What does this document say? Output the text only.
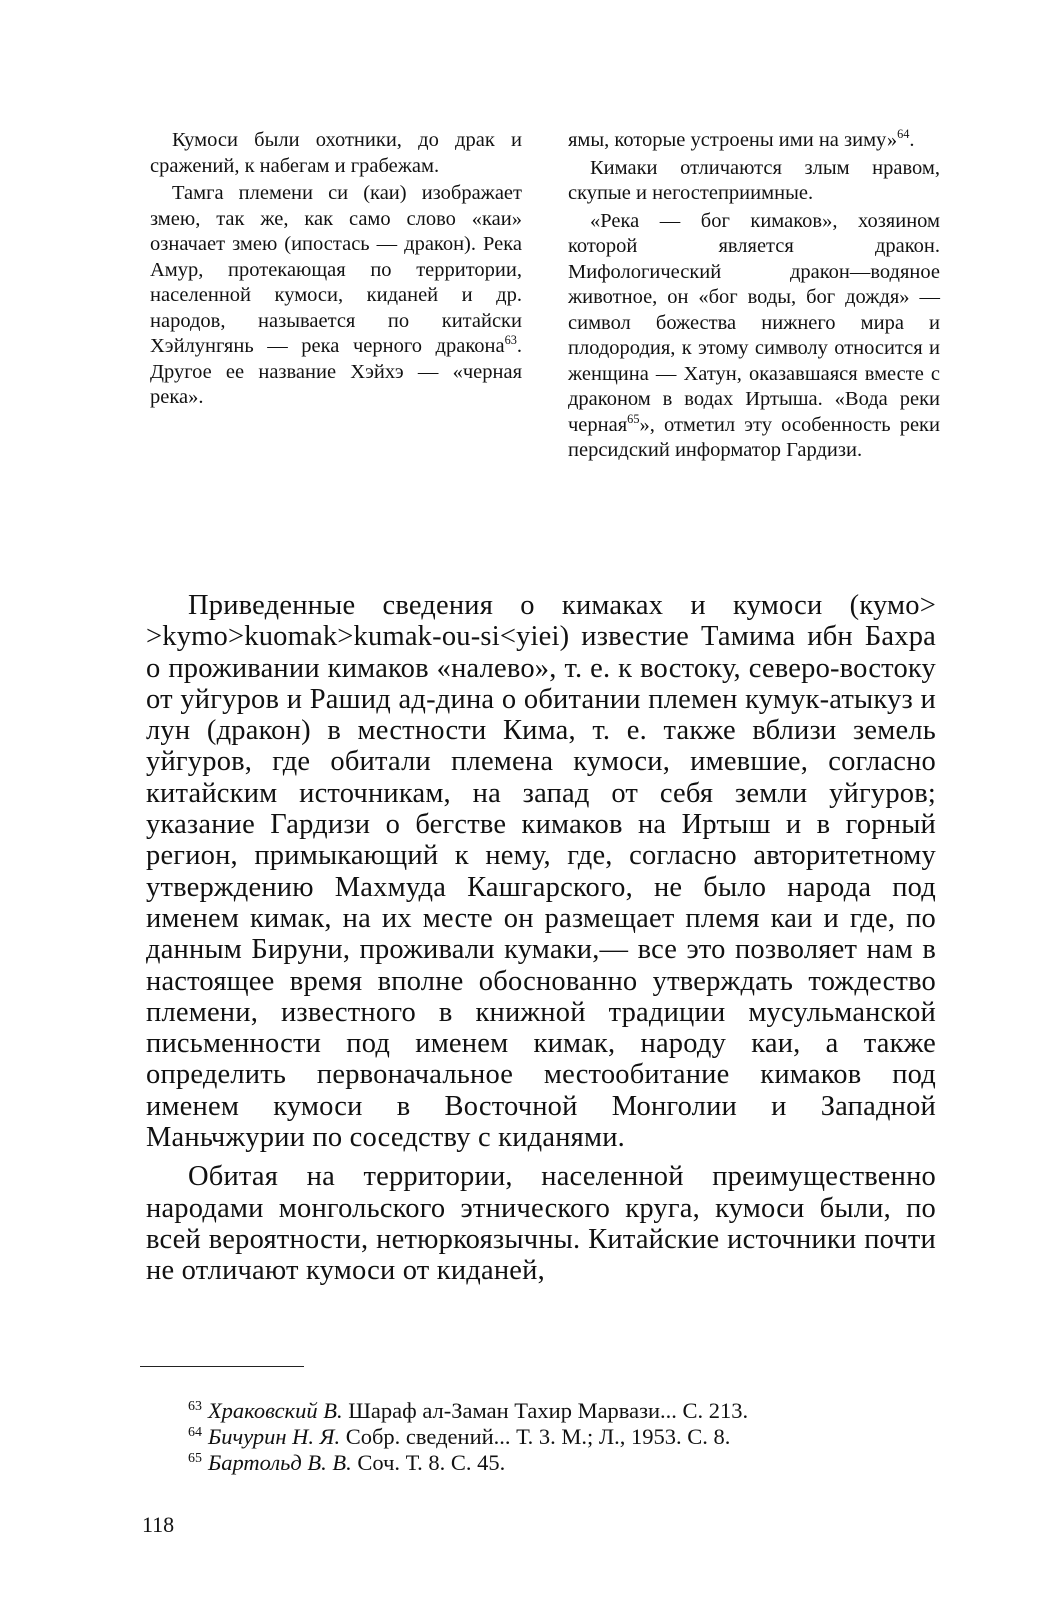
Кумоси были охотники, до драк и сражений, к набегам и грабежам.

Тамга племени си (каи) изображает змею, так же, как само слово «каи» означает змею (ипостась — дракон). Река Амур, протекающая по территории, населенной кумоси, киданей и др. народов, называется по китайски Хэйлунгянь — река черного дракона$^{63}$. Другое ее название Хэйхэ — «черная река».

ямы, которые устроены ими на зиму»$^{64}$.

Кимаки отличаются злым нравом, скупые и негостеприимные.

«Река — бог кимаков», хозяином которой является дракон. Мифологический дракон—водяное животное, он «бог воды, бог дождя» — символ божества нижнего мира и плодородия, к этому символу относится и женщина — Хатун, оказавшаяся вместе с драконом в водах Иртыша. «Вода реки черная$^{65}$», отметил эту особенность реки персидский информатор Гардизи.

Приведенные сведения о кимаках и кумоси (кумо> >kymo>kuomak>kumak-ou-si<yiei) известие Тамима ибн Бахра о проживании кимаков «налево», т. е. к востоку, северо-востоку от уйгуров и Рашид ад-дина о обитании племен кумук-атыкуз и лун (дракон) в местности Кима, т. е. также вблизи земель уйгуров, где обитали племена кумоси, имевшие, согласно китайским источникам, на запад от себя земли уйгуров; указание Гардизи о бегстве кимаков на Иртыш и в горный регион, примыкающий к нему, где, согласно авторитетному утверждению Махмуда Кашгарского, не было народа под именем кимак, на их месте он размещает племя каи и где, по данным Бируни, проживали кумаки,— все это позволяет нам в настоящее время вполне обоснованно утверждать тождество племени, известного в книжной традиции мусульманской письменности под именем кимак, народу каи, а также определить первоначальное местообитание кимаков под именем кумоси в Восточной Монголии и Западной Маньчжурии по соседству с киданями.

Обитая на территории, населенной преимущественно народами монгольского этнического круга, кумоси были, по всей вероятности, нетюркоязычны. Китайские источники почти не отличают кумоси от киданей,

$^{63}$ Храковский В. Шараф ал-Заман Тахир Марвази... С. 213.
$^{64}$ Бичурин Н. Я. Собр. сведений... Т. 3. М.; Л., 1953. С. 8.
$^{65}$ Бартольд В. В. Соч. Т. 8. С. 45.
118
